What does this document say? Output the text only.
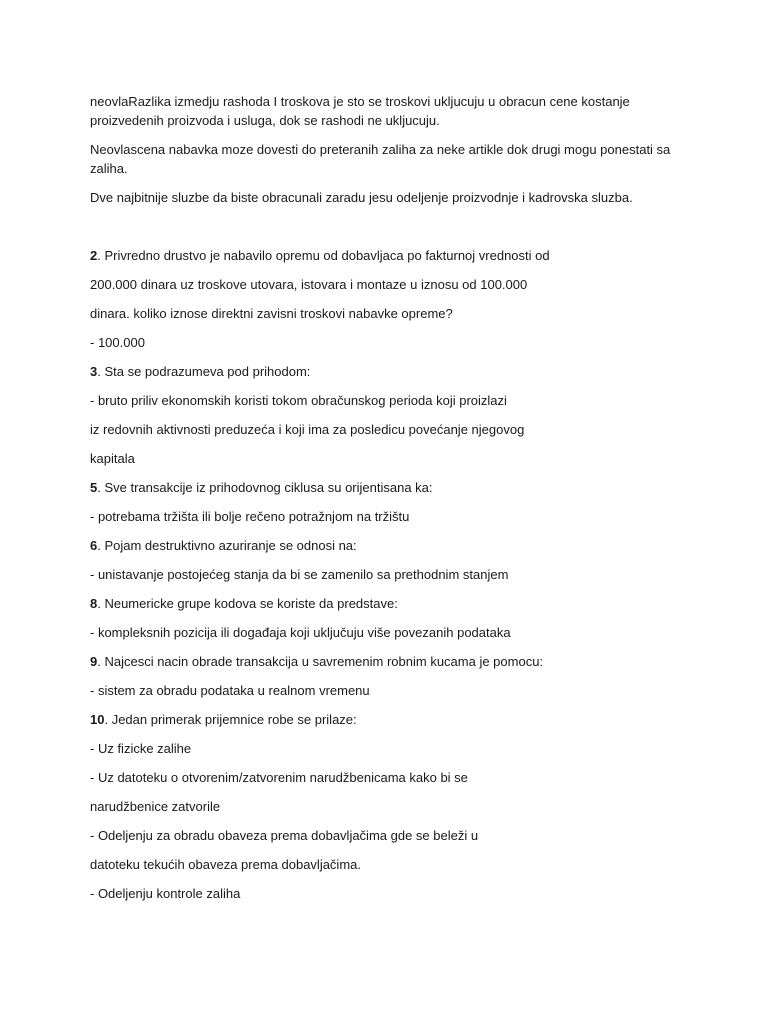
neovlaRazlika izmedju rashoda I troskova je sto se troskovi ukljucuju u obracun cene kostanje proizvedenih proizvoda i usluga, dok se rashodi ne ukljucuju.

Neovlascena nabavka moze dovesti do preteranih zaliha za neke artikle dok drugi mogu ponestati sa zaliha.

Dve najbitnije sluzbe da biste obracunali zaradu jesu odeljenje proizvodnje i kadrovska sluzba.

2. Privredno drustvo je nabavilo opremu od dobavljaca po fakturnoj vrednosti od
200.000 dinara uz troskove utovara, istovara i montaze u iznosu od 100.000
dinara. koliko iznose direktni zavisni troskovi nabavke opreme?
- 100.000
3. Sta se podrazumeva pod prihodom:
- bruto priliv ekonomskih koristi tokom obračunskog perioda koji proizlazi
iz redovnih aktivnosti preduzeća i koji ima za posledicu povećanje njegovog
kapitala
5. Sve transakcije iz prihodovnog ciklusa su orijentisana ka:
- potrebama tržišta ili bolje rečeno potražnjom na tržištu
6. Pojam destruktivno azuriranje se odnosi na:
- unistavanje postojećeg stanja da bi se zamenilo sa prethodnim stanjem
8. Neumericke grupe kodova se koriste da predstave:
- kompleksnih pozicija ili događaja koji uključuju više povezanih podataka
9. Najcesci nacin obrade transakcija u savremenim robnim kucama je pomocu:
- sistem za obradu podataka u realnom vremenu
10. Jedan primerak prijemnice robe se prilaze:
- Uz fizicke zalihe
- Uz datoteku o otvorenim/zatvorenim narudžbenicama kako bi se
narudžbenice zatvorile
- Odeljenju za obradu obaveza prema dobavljačima gde se beleži u
datoteku tekućih obaveza prema dobavljačima.
- Odeljenju kontrole zaliha
